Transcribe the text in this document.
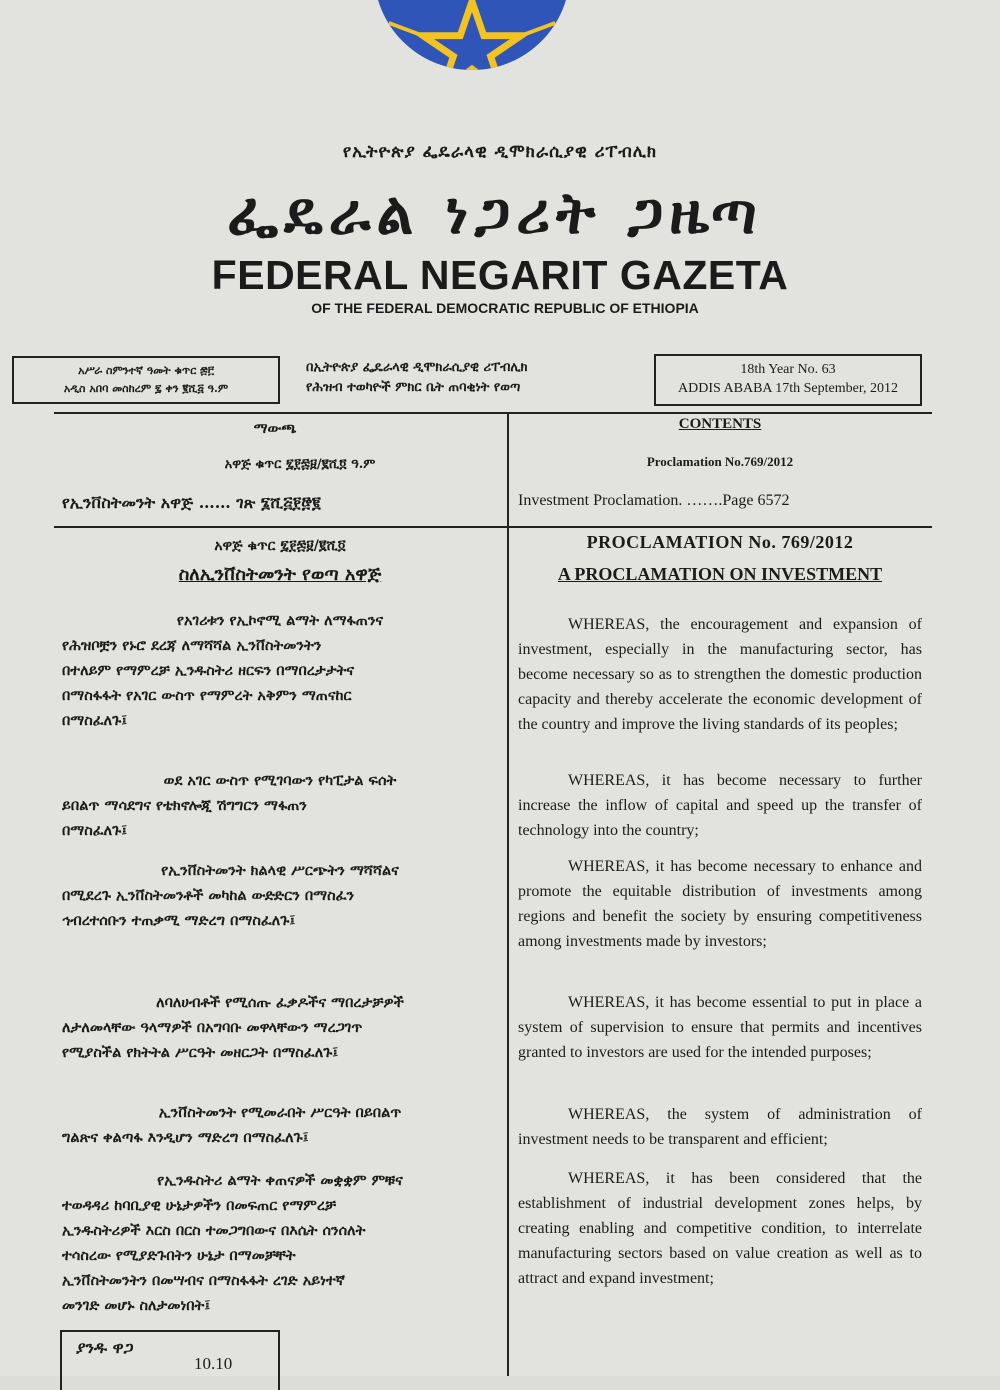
የኢትዮጵያ ፌዴራላዊ ዲሞክራሲያዊ ሪፐብሊክ
ፌዴራል ነጋሪት ጋዜጣ
FEDERAL NEGARIT GAZETA
OF THE FEDERAL DEMOCRATIC REPUBLIC OF ETHIOPIA
አሥራ ስምንተኛ ዓመት ቁጥር ፷፫
አዲስ አበባ መስከረም ፯ ቀን ፪ሺ፭ ዓ.ም
በኢትዮጵያ ፌዴራላዊ ዲሞክራሲያዊ ሪፐብሊክ
የሕዝብ ተወካዮች ምክር ቤት ጠባቂነት የወጣ
18th Year No. 63
ADDIS ABABA 17th September, 2012
ማውጫ
አዋጅ ቁጥር ፯፻፷፱/፪ሺ፬ ዓ.ም
የኢንቨስትመንት አዋጅ …… ገጽ ፮ሺ፭፻፸፪
አዋጅ ቁጥር ፯፻፷፱/፪ሺ፬
ስለኢንቨስትመንት የወጣ አዋጅ
የአገሪቱን የኢኮኖሚ ልማት ለማፋጠንና
የሕዝቦቿን የኑሮ ደረጃ ለማሻሻል ኢንቨስትመንትን
በተለይም የማምረቻ ኢንዱስትሪ ዘርፍን በማበረታታትና
በማስፋፋት የአገር ውስጥ የማምረት አቅምን ማጠናከር
በማስፈለጉ፤
ወደ አገር ውስጥ የሚገባውን የካፒታል ፍሰት
ይበልጥ ማሳደግና የቴክኖሎጂ ሽግግርን ማፋጠን
በማስፈለጉ፤
የኢንቨስትመንት ክልላዊ ሥርጭትን ማሻሻልና
በሚደረጉ ኢንቨስትመንቶች መካከል ውድድርን በማስፈን
ኅብረተሰቡን ተጠቃሚ ማድረግ በማስፈለጉ፤
ለባለሀብቶች የሚሰጡ ፈቃዶችና ማበረታቻዎች
ለታለመላቸው ዓላማዎች በአግባቡ መዋላቸውን ማረጋገጥ
የሚያስችል የክትትል ሥርዓት መዘርጋት በማስፈለጉ፤
ኢንቨስትመንት የሚመራበት ሥርዓት በይበልጥ
ግልጽና ቀልጣፋ እንዲሆን ማድረግ በማስፈለጉ፤
የኢንዱስትሪ ልማት ቀጠናዎች መቋቋም ምቹና
ተወዳዳሪ ከባቢያዊ ሁኔታዎችን በመፍጠር የማምረቻ
ኢንዱስትሪዎች እርስ በርስ ተመጋግበውና በእሴት ሰንሰለት
ተሳስረው የሚያድጉበትን ሁኔታ በማመቻቸት
ኢንቨስትመንትን በመሣብና በማስፋፋት ረገድ አይነተኛ
መንገድ መሆኑ ስለታመነበት፤
ያንዱ ዋጋ
10.10
CONTENTS
Proclamation No.769/2012
Investment Proclamation. …….Page 6572
PROCLAMATION No. 769/2012
A PROCLAMATION ON INVESTMENT
WHEREAS, the encouragement and expansion of investment, especially in the manufacturing sector, has become necessary so as to strengthen the domestic production capacity and thereby accelerate the economic development of the country and improve the living standards of its peoples;
WHEREAS, it has become necessary to further increase the inflow of capital and speed up the transfer of technology into the country;
WHEREAS, it has become necessary to enhance and promote the equitable distribution of investments among regions and benefit the society by ensuring competitiveness among investments made by investors;
WHEREAS, it has become essential to put in place a system of supervision to ensure that permits and incentives granted to investors are used for the intended purposes;
WHEREAS, the system of administration of investment needs to be transparent and efficient;
WHEREAS, it has been considered that the establishment of industrial development zones helps, by creating enabling and competitive condition, to interrelate manufacturing sectors based on value creation as well as to attract and expand investment;
